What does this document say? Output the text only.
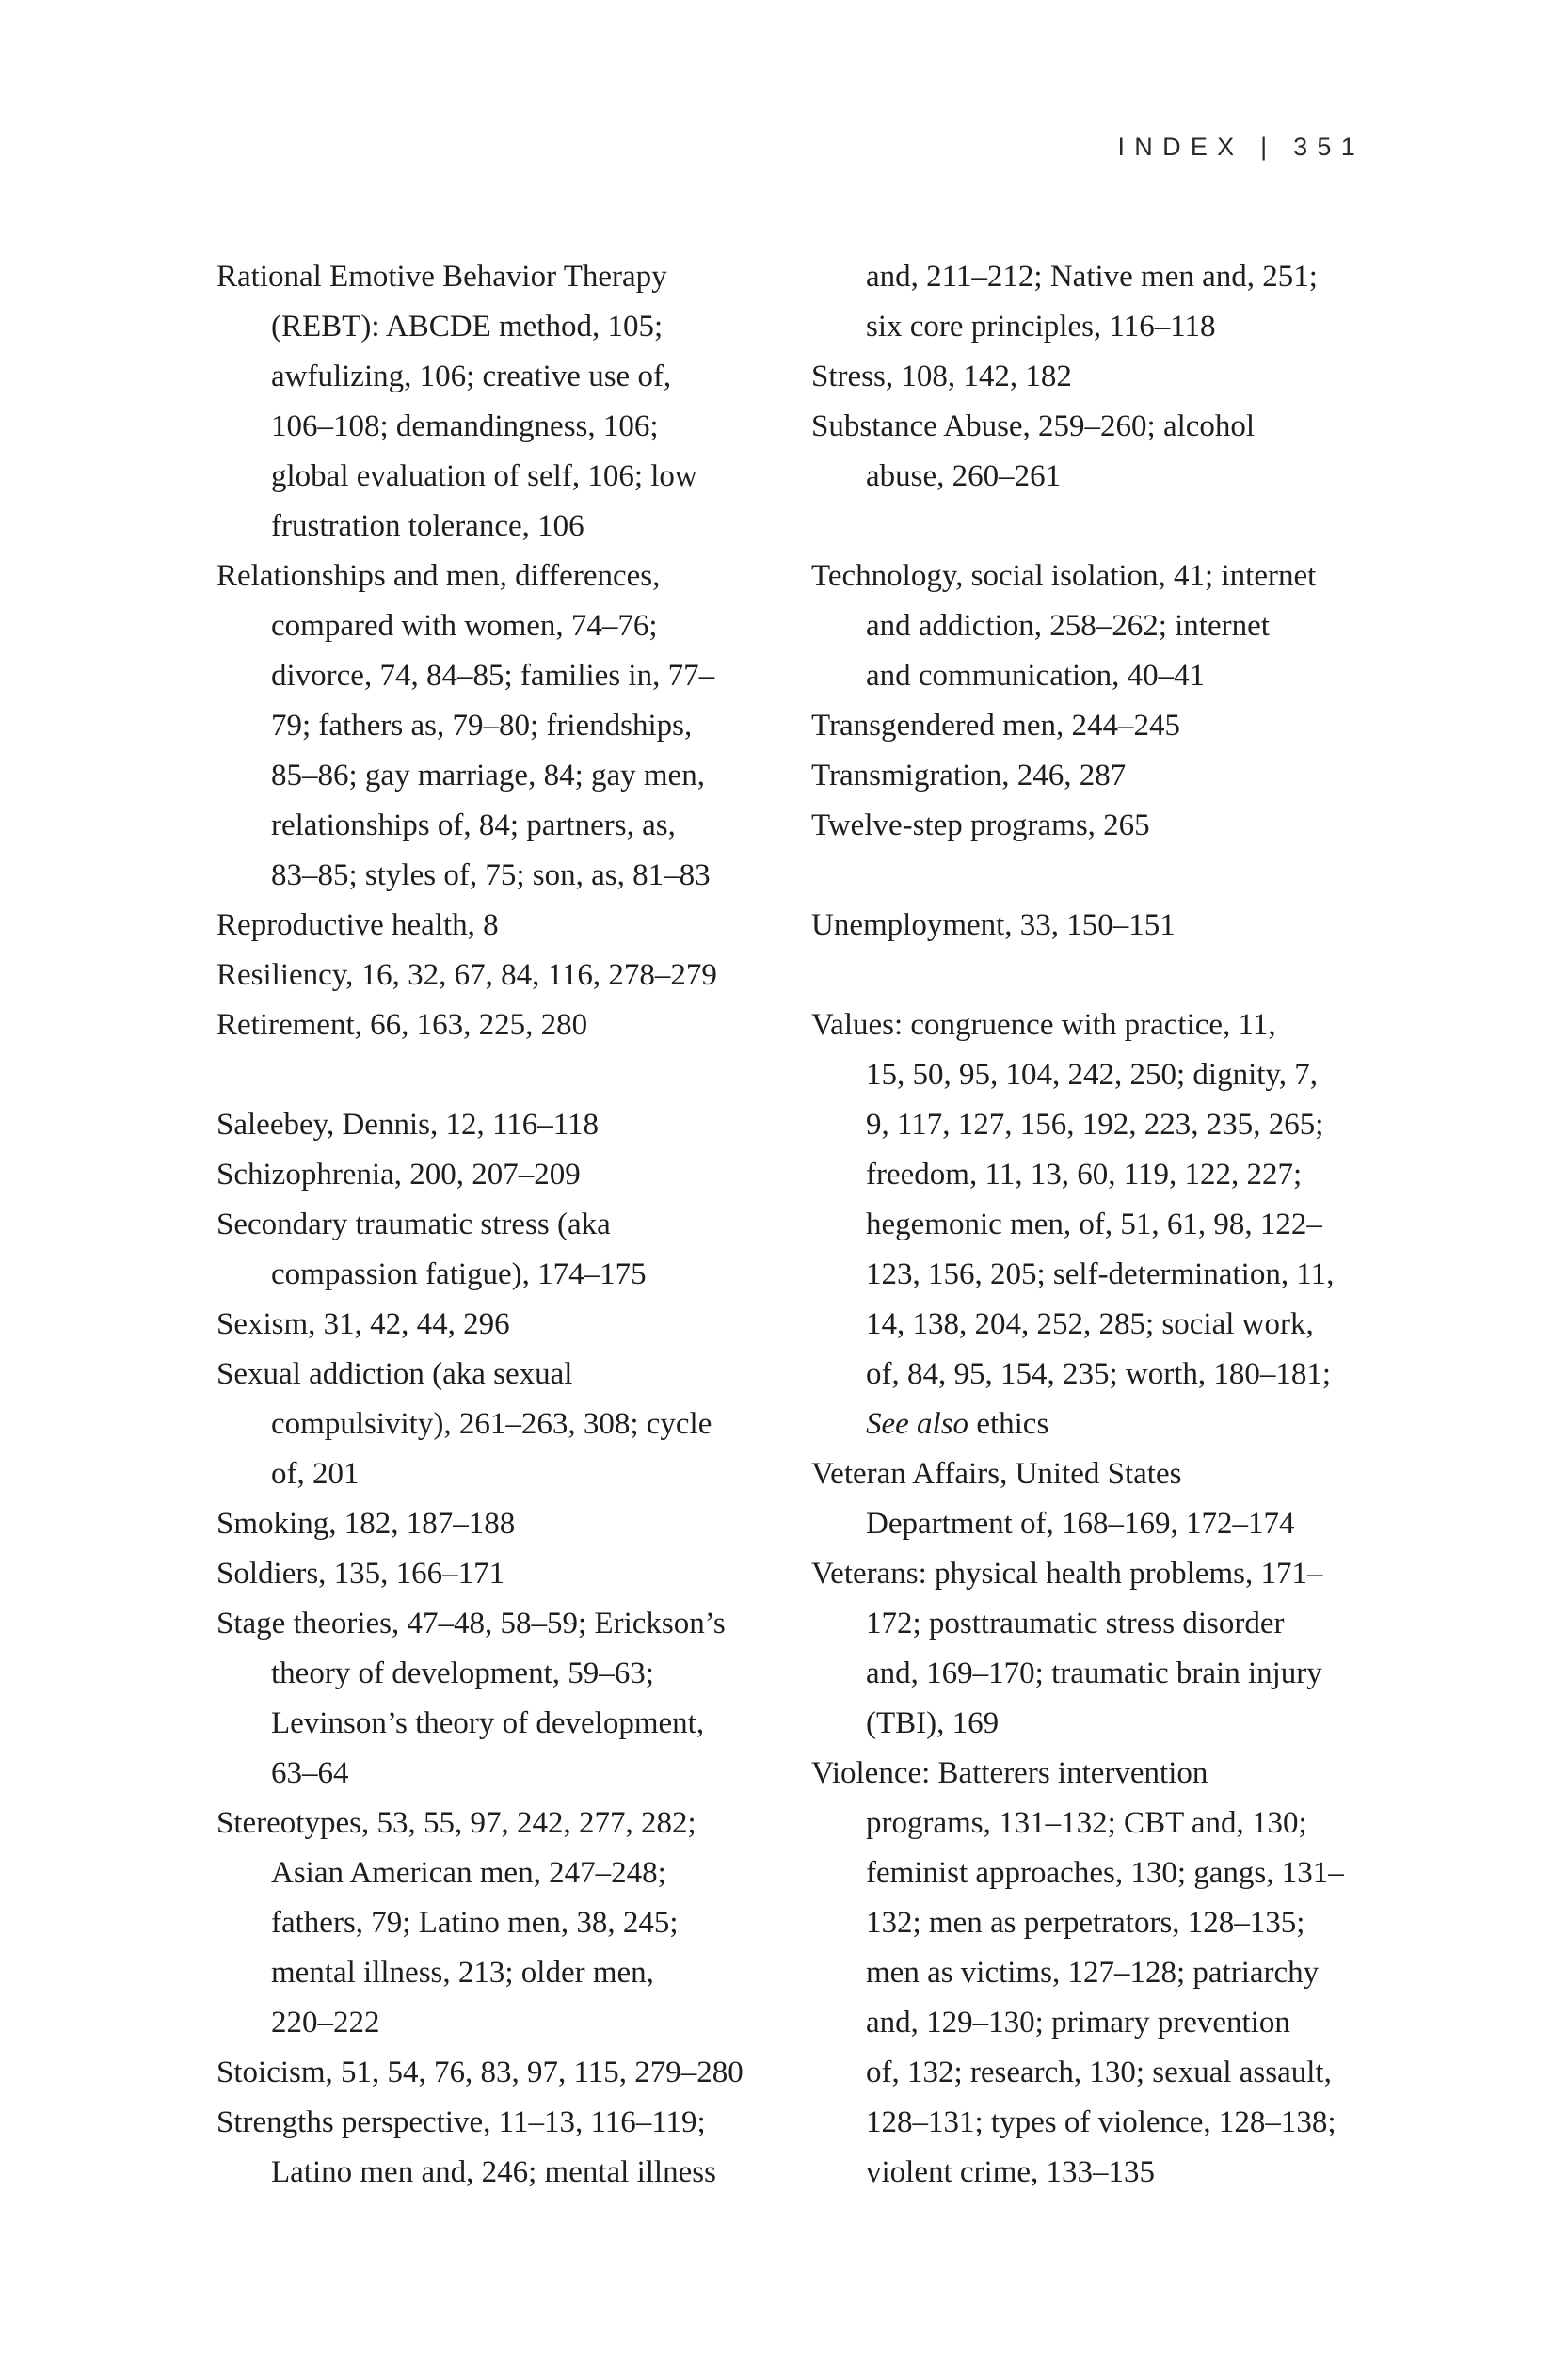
INDEX | 351
Rational Emotive Behavior Therapy
(REBT): ABCDE method, 105;
awfulizing, 106; creative use of,
106–108; demandingness, 106;
global evaluation of self, 106; low
frustration tolerance, 106
Relationships and men, differences,
compared with women, 74–76;
divorce, 74, 84–85; families in, 77–
79; fathers as, 79–80; friendships,
85–86; gay marriage, 84; gay men,
relationships of, 84; partners, as,
83–85; styles of, 75; son, as, 81–83
Reproductive health, 8
Resiliency, 16, 32, 67, 84, 116, 278–279
Retirement, 66, 163, 225, 280
Saleebey, Dennis, 12, 116–118
Schizophrenia, 200, 207–209
Secondary traumatic stress (aka
compassion fatigue), 174–175
Sexism, 31, 42, 44, 296
Sexual addiction (aka sexual
compulsivity), 261–263, 308; cycle
of, 201
Smoking, 182, 187–188
Soldiers, 135, 166–171
Stage theories, 47–48, 58–59; Erickson’s
theory of development, 59–63;
Levinson’s theory of development,
63–64
Stereotypes, 53, 55, 97, 242, 277, 282;
Asian American men, 247–248;
fathers, 79; Latino men, 38, 245;
mental illness, 213; older men,
220–222
Stoicism, 51, 54, 76, 83, 97, 115, 279–280
Strengths perspective, 11–13, 116–119;
Latino men and, 246; mental illness
and, 211–212; Native men and, 251;
six core principles, 116–118
Stress, 108, 142, 182
Substance Abuse, 259–260; alcohol
abuse, 260–261
Technology, social isolation, 41; internet
and addiction, 258–262; internet
and communication, 40–41
Transgendered men, 244–245
Transmigration, 246, 287
Twelve-step programs, 265
Unemployment, 33, 150–151
Values: congruence with practice, 11,
15, 50, 95, 104, 242, 250; dignity, 7,
9, 117, 127, 156, 192, 223, 235, 265;
freedom, 11, 13, 60, 119, 122, 227;
hegemonic men, of, 51, 61, 98, 122–
123, 156, 205; self-determination, 11,
14, 138, 204, 252, 285; social work,
of, 84, 95, 154, 235; worth, 180–181;
See also ethics
Veteran Affairs, United States
Department of, 168–169, 172–174
Veterans: physical health problems, 171–
172; posttraumatic stress disorder
and, 169–170; traumatic brain injury
(TBI), 169
Violence: Batterers intervention
programs, 131–132; CBT and, 130;
feminist approaches, 130; gangs, 131–
132; men as perpetrators, 128–135;
men as victims, 127–128; patriarchy
and, 129–130; primary prevention
of, 132; research, 130; sexual assault,
128–131; types of violence, 128–138;
violent crime, 133–135
